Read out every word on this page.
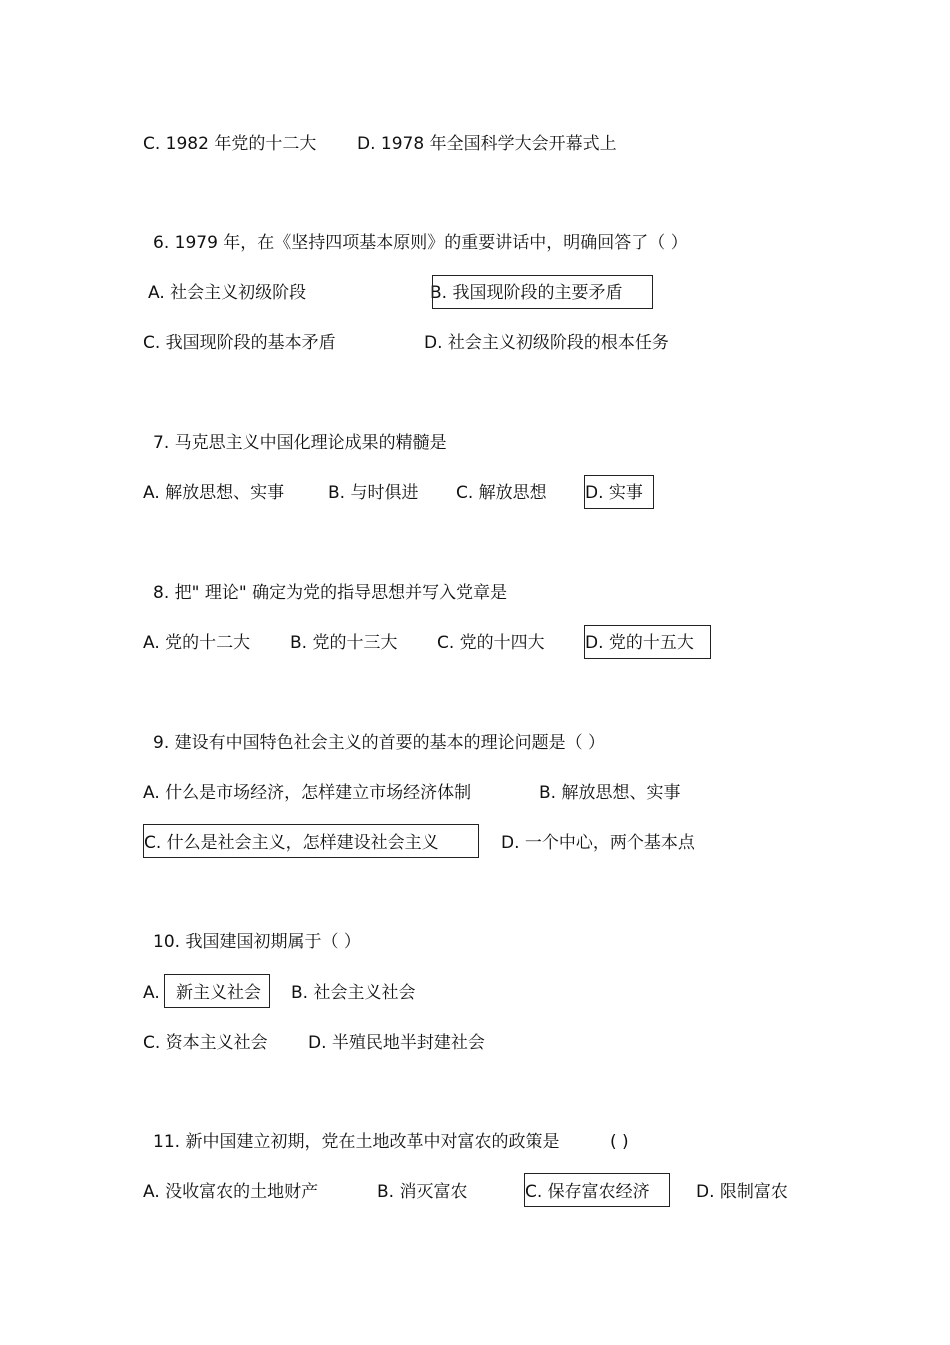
C. 1982 年党的十二大 D. 1978 年全国科学大会开幕式上
6. 1979 年，在《坚持四项基本原则》的重要讲话中，明确回答了（ ）
A. 社会主义初级阶段	B. 我国现阶段的主要矛盾
C. 我国现阶段的基本矛盾	D. 社会主义初级阶段的根本任务
7. 马克思主义中国化理论成果的精髓是
A. 解放思想、实事	B. 与时俱进 C. 解放思想 D. 实事
8. 把" 理论" 确定为党的指导思想并写入党章是
A. 党的十二大 B. 党的十三大 C. 党的十四大 D. 党的十五大
9. 建设有中国特色社会主义的首要的基本的理论问题是（ ）
A. 什么是市场经济，怎样建立市场经济体制	B. 解放思想、实事
C. 什么是社会主义，怎样建设社会主义	D. 一个中心，两个基本点
10. 我国建国初期属于（ ）
A. 新主义社会 B. 社会主义社会
C. 资本主义社会 D. 半殖民地半封建社会
11. 新中国建立初期，党在土地改革中对富农的政策是	( )
A. 没收富农的土地财产	B. 消灭富农	C. 保存富农经济	D. 限制富农
